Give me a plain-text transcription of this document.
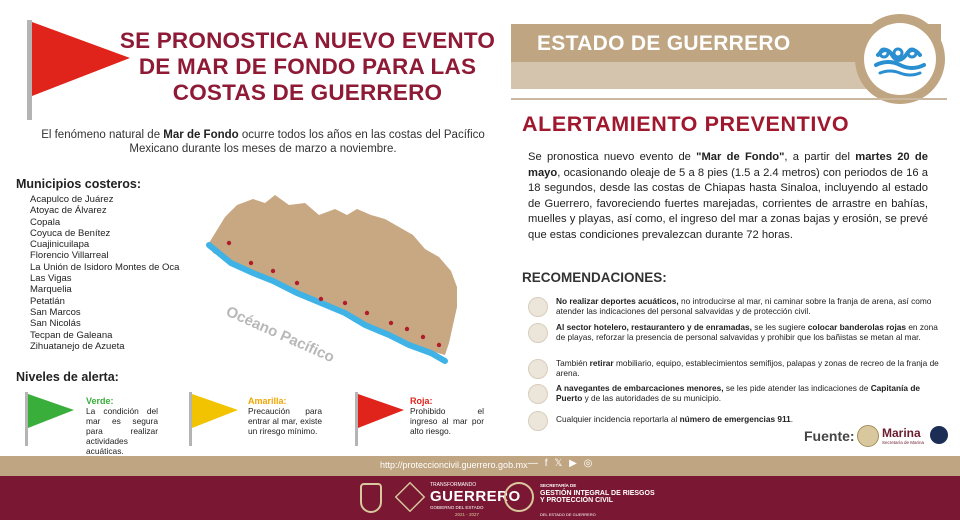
SE PRONOSTICA NUEVO EVENTO
DE MAR DE FONDO PARA LAS
COSTAS DE GUERRERO
El fenómeno natural de Mar de Fondo ocurre todos los años en las costas del Pacífico Mexicano durante los meses de marzo a noviembre.
Municipios costeros:
Acapulco de Juárez
Atoyac de Álvarez
Copala
Coyuca de Benítez
Cuajinicuilapa
Florencio Villarreal
La Unión de Isidoro Montes de Oca
Las Vigas
Marquelia
Petatlán
San Marcos
San Nicolás
Tecpan de Galeana
Zihuatanejo de Azueta	Océano Pacífico
Niveles de alerta:
Verde:
La condición del mar es segura para realizar actividades acuáticas.
Amarilla:
Precaución para entrar al mar, existe un riresgo mínimo.
Roja:
Prohibido el ingreso al mar por alto riesgo.
ESTADO DE GUERRERO
ALERTAMIENTO PREVENTIVO
Se pronostica nuevo evento de "Mar de Fondo", a partir del martes 20 de mayo, ocasionando oleaje de 5 a 8 pies (1.5 a 2.4 metros) con periodos de 16 a 18 segundos, desde las costas de Chiapas hasta Sinaloa, incluyendo al estado de Guerrero, favoreciendo fuertes marejadas, corrientes de arrastre en bahías, muelles y playas, así como, el ingreso del mar a zonas bajas y erosión, se prevé que estas condiciones prevalezcan durante 72 horas.
RECOMENDACIONES:
No realizar deportes acuáticos, no introducirse al mar, ni caminar sobre la franja de arena, así como atender las indicaciones del personal salvavidas y de protección civil.
Al sector hotelero, restaurantero y de enramadas, se les sugiere colocar banderolas rojas en zona de playas, reforzar la presencia de personal salvavidas y prohibir que los bañistas se metan al mar.
También retirar mobiliario, equipo, establecimientos semifijos, palapas y zonas de recreo de la franja de arena.
A navegantes de embarcaciones menores, se les pide atender las indicaciones de Capitanía de Puerto y de las autoridades de su municipio.
Cualquier incidencia reportarla al número de emergencias 911.
Fuente: Marina
Secretaría de Marina
http://proteccioncivil.guerrero.gob.mx — f 𝕏 ▶ ◎
TRANSFORMANDO
GUERRERO
GOBIERNO DEL ESTADO
2021 - 2027
SECRETARÍA DE
GESTIÓN INTEGRAL DE RIESGOS Y PROTECCIÓN CIVIL
DEL ESTADO DE GUERRERO
